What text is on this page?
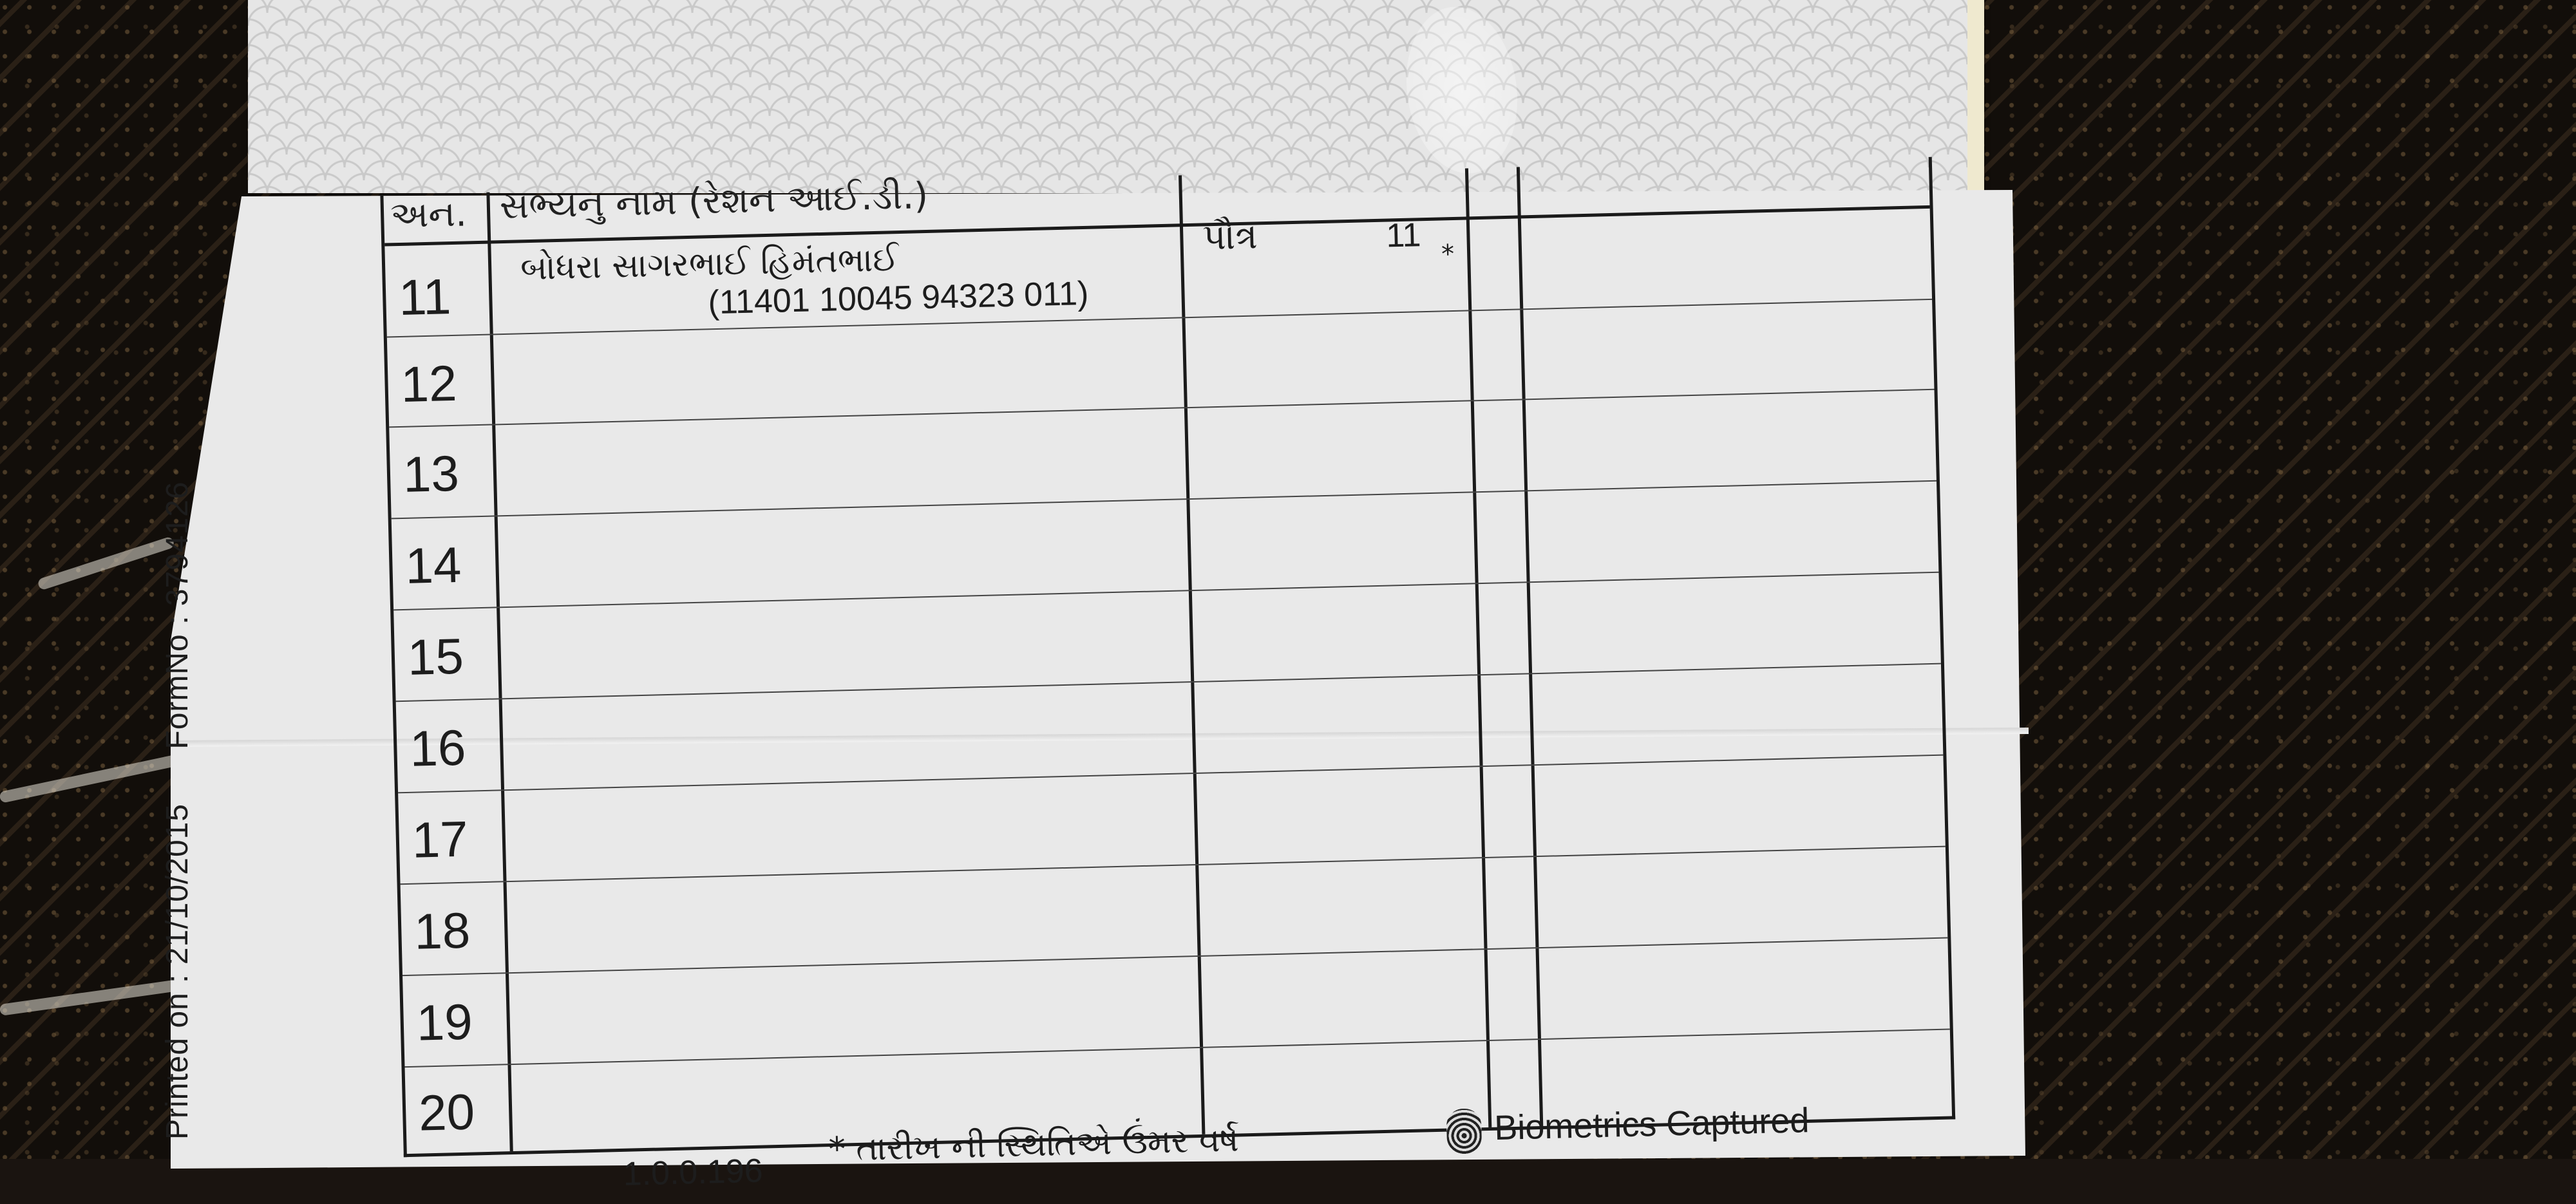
Printed on : 21/10/2015 FormNo : 3794126
અન. સભ્યનુ નામ (રેશન આઈ.ડી.)
11
બોધરા સાગરભાઈ હિમંતભાઈ
(11401 10045 94323 011)
પૌત્ર	11 *
12
13
14
15
16
17
18
19
20
1.0.0.196
* તારીખ ની સ્થિતિએ ઉંમર વર્ષ	Biometrics Captured
